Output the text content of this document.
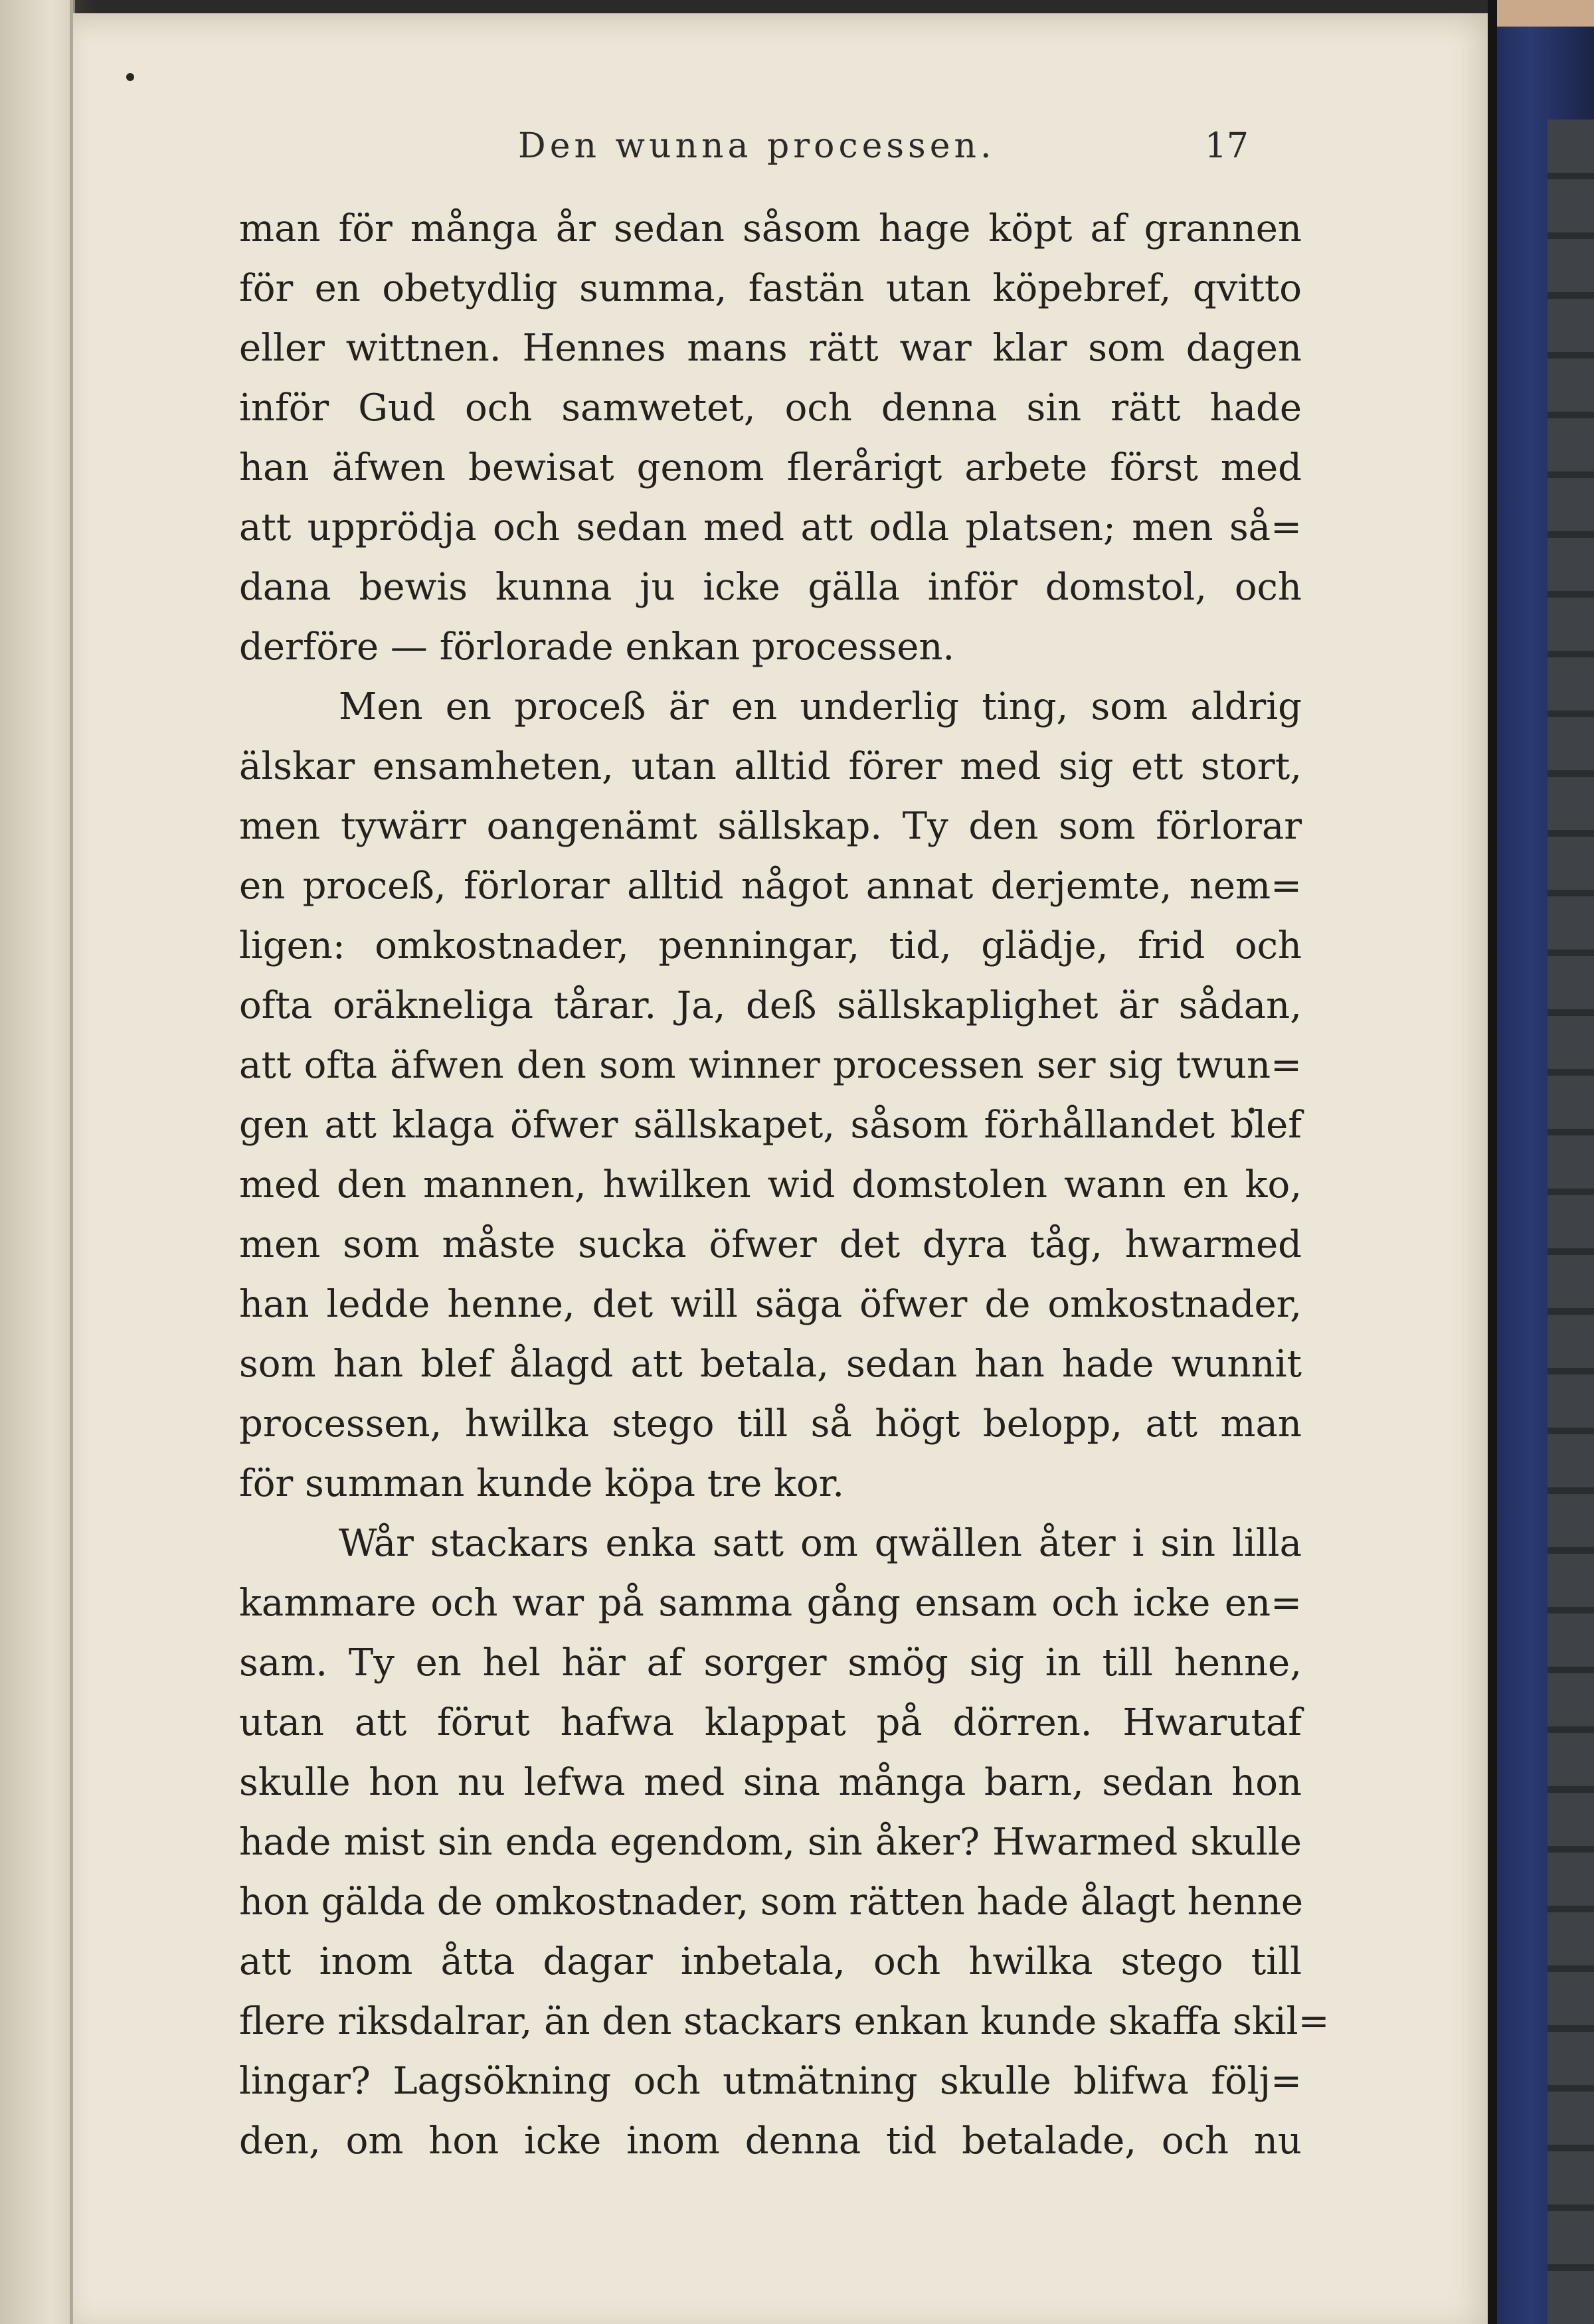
Den wunna processen.	17
man för många år sedan såsom hage köpt af grannen
för en obetydlig summa, fastän utan köpebref, qvitto
eller wittnen. Hennes mans rätt war klar som dagen
inför Gud och samwetet, och denna sin rätt hade
han äfwen bewisat genom flerårigt arbete först med
att upprödja och sedan med att odla platsen; men så=
dana bewis kunna ju icke gälla inför domstol, och
derföre — förlorade enkan processen.
Men en proceß är en underlig ting, som aldrig
älskar ensamheten, utan alltid förer med sig ett stort,
men tywärr oangenämt sällskap. Ty den som förlorar
en proceß, förlorar alltid något annat derjemte, nem=
ligen: omkostnader, penningar, tid, glädje, frid och
ofta oräkneliga tårar. Ja, deß sällskaplighet är sådan,
att ofta äfwen den som winner processen ser sig twun=
gen att klaga öfwer sällskapet, såsom förhållandet blef
med den mannen, hwilken wid domstolen wann en ko,
men som måste sucka öfwer det dyra tåg, hwarmed
han ledde henne, det will säga öfwer de omkostnader,
som han blef ålagd att betala, sedan han hade wunnit
processen, hwilka stego till så högt belopp, att man
för summan kunde köpa tre kor.
Wår stackars enka satt om qwällen åter i sin lilla
kammare och war på samma gång ensam och icke en=
sam. Ty en hel här af sorger smög sig in till henne,
utan att förut hafwa klappat på dörren. Hwarutaf
skulle hon nu lefwa med sina många barn, sedan hon
hade mist sin enda egendom, sin åker? Hwarmed skulle
hon gälda de omkostnader, som rätten hade ålagt henne
att inom åtta dagar inbetala, och hwilka stego till
flere riksdalrar, än den stackars enkan kunde skaffa skil=
lingar? Lagsökning och utmätning skulle blifwa följ=
den, om hon icke inom denna tid betalade, och nu
